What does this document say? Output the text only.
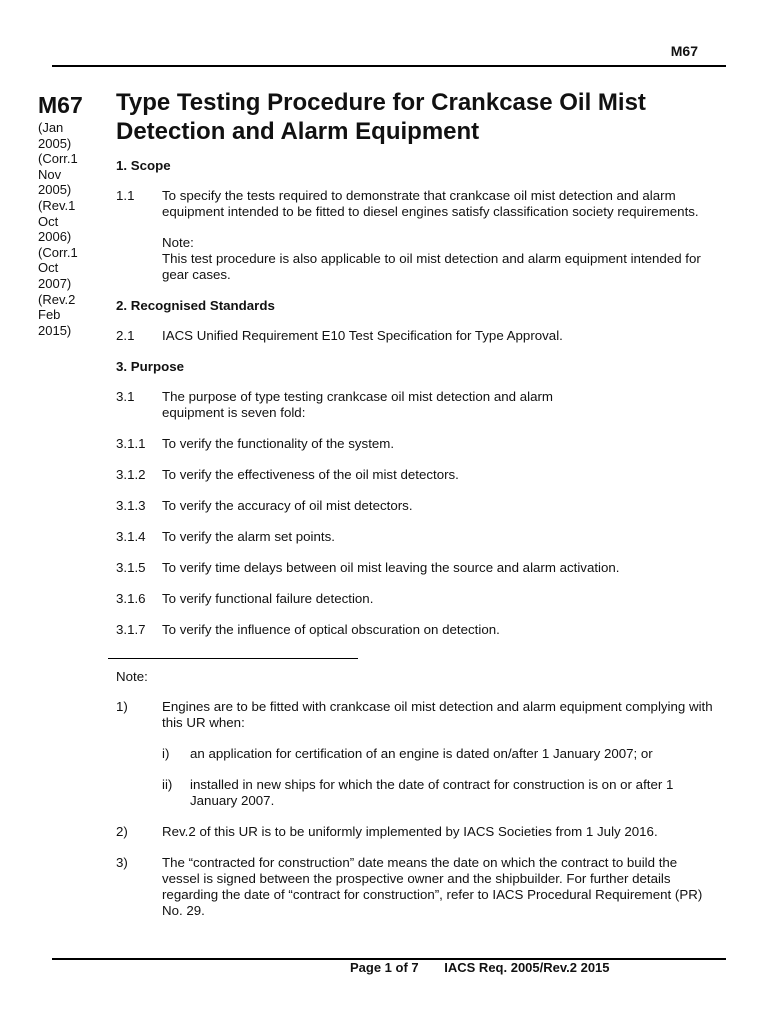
M67
M67
(Jan
2005)
(Corr.1
Nov
2005)
(Rev.1
Oct
2006)
(Corr.1
Oct
2007)
(Rev.2
Feb
2015)
Type Testing Procedure for Crankcase Oil Mist Detection and Alarm Equipment
1. Scope
1.1	To specify the tests required to demonstrate that crankcase oil mist detection and alarm equipment intended to be fitted to diesel engines satisfy classification society requirements.
Note:
This test procedure is also applicable to oil mist detection and alarm equipment intended for gear cases.
2. Recognised Standards
2.1	IACS Unified Requirement E10 Test Specification for Type Approval.
3. Purpose
3.1	The purpose of type testing crankcase oil mist detection and alarm equipment is seven fold:
3.1.1	To verify the functionality of the system.
3.1.2	To verify the effectiveness of the oil mist detectors.
3.1.3	To verify the accuracy of oil mist detectors.
3.1.4	To verify the alarm set points.
3.1.5	To verify time delays between oil mist leaving the source and alarm activation.
3.1.6	To verify functional failure detection.
3.1.7	To verify the influence of optical obscuration on detection.
Note:
1)	Engines are to be fitted with crankcase oil mist detection and alarm equipment complying with this UR when:
i)	an application for certification of an engine is dated on/after 1 January 2007; or
ii)	installed in new ships for which the date of contract for construction is on or after 1 January 2007.
2)	Rev.2 of this UR is to be uniformly implemented by IACS Societies from 1 July 2016.
3)	The “contracted for construction” date means the date on which the contract to build the vessel is signed between the prospective owner and the shipbuilder. For further details regarding the date of “contract for construction”, refer to IACS Procedural Requirement (PR) No. 29.
Page 1 of 7 IACS Req. 2005/Rev.2 2015
